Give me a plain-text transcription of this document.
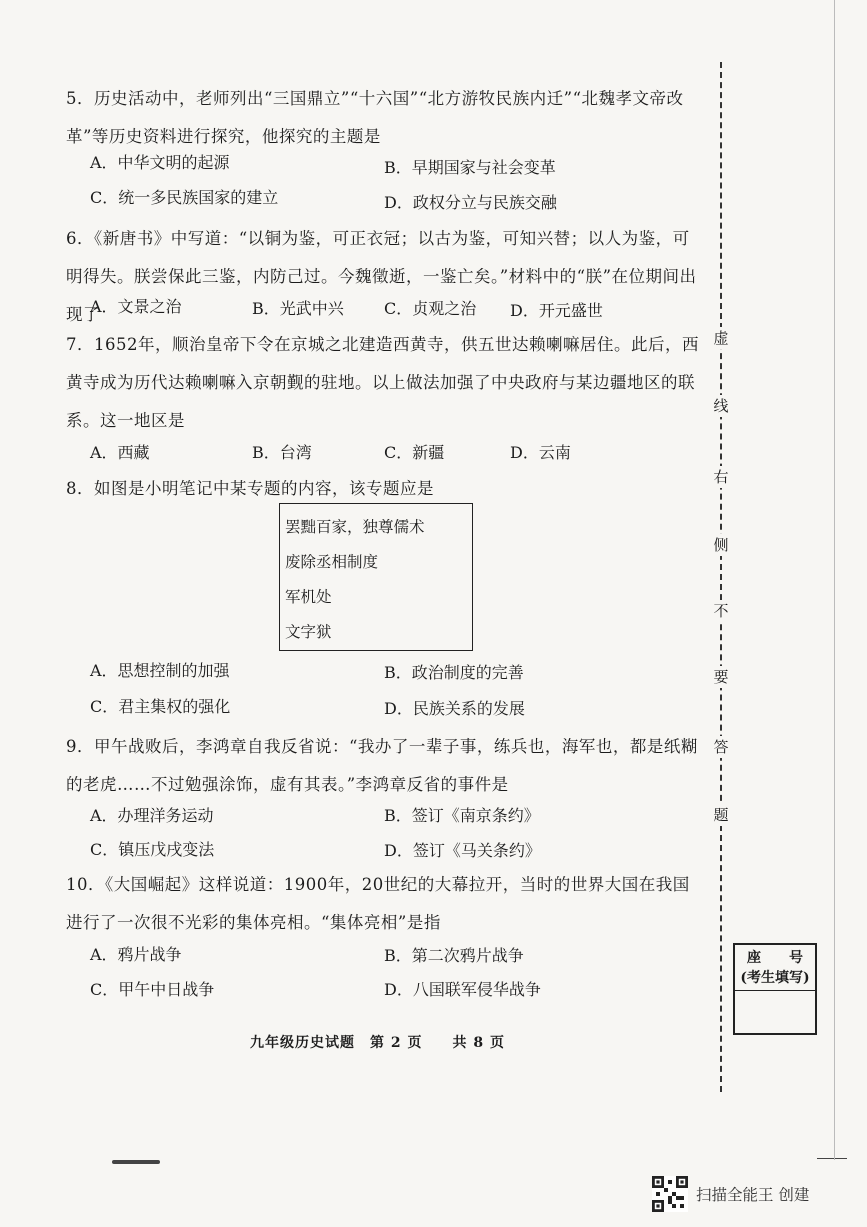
5．历史活动中，老师列出“三国鼎立”“十六国”“北方游牧民族内迁”“北魏孝文帝改革”等历史资料进行探究，他探究的主题是
A．中华文明的起源	B．早期国家与社会变革
C．统一多民族国家的建立	D．政权分立与民族交融
6．《新唐书》中写道：“以铜为鉴，可正衣冠；以古为鉴，可知兴替；以人为鉴，可明得失。朕尝保此三鉴，内防己过。今魏徵逝，一鉴亡矣。”材料中的“朕”在位期间出现了
A．文景之治	B．光武中兴	C．贞观之治 D．开元盛世
7．1652年，顺治皇帝下令在京城之北建造西黄寺，供五世达赖喇嘛居住。此后，西黄寺成为历代达赖喇嘛入京朝觐的驻地。以上做法加强了中央政府与某边疆地区的联系。这一地区是
A．西藏	B．台湾	C．新疆	D．云南
8．如图是小明笔记中某专题的内容，该专题应是
罢黜百家，独尊儒术
废除丞相制度
军机处
文字狱
A．思想控制的加强	B．政治制度的完善
C．君主集权的强化	D．民族关系的发展
9．甲午战败后，李鸿章自我反省说：“我办了一辈子事，练兵也，海军也，都是纸糊的老虎……不过勉强涂饰，虚有其表。”李鸿章反省的事件是
A．办理洋务运动	B．签订《南京条约》
C．镇压戊戌变法	D．签订《马关条约》
10．《大国崛起》这样说道：1900年，20世纪的大幕拉开，当时的世界大国在我国进行了一次很不光彩的集体亮相。“集体亮相”是指
A．鸦片战争	B．第二次鸦片战争
C．甲午中日战争	D．八国联军侵华战争
九年级历史试题　第 2 页　　共 8 页
虚
线
右
侧
不
要
答
题
座　　号
(考生填写)
扫描全能王 创建
